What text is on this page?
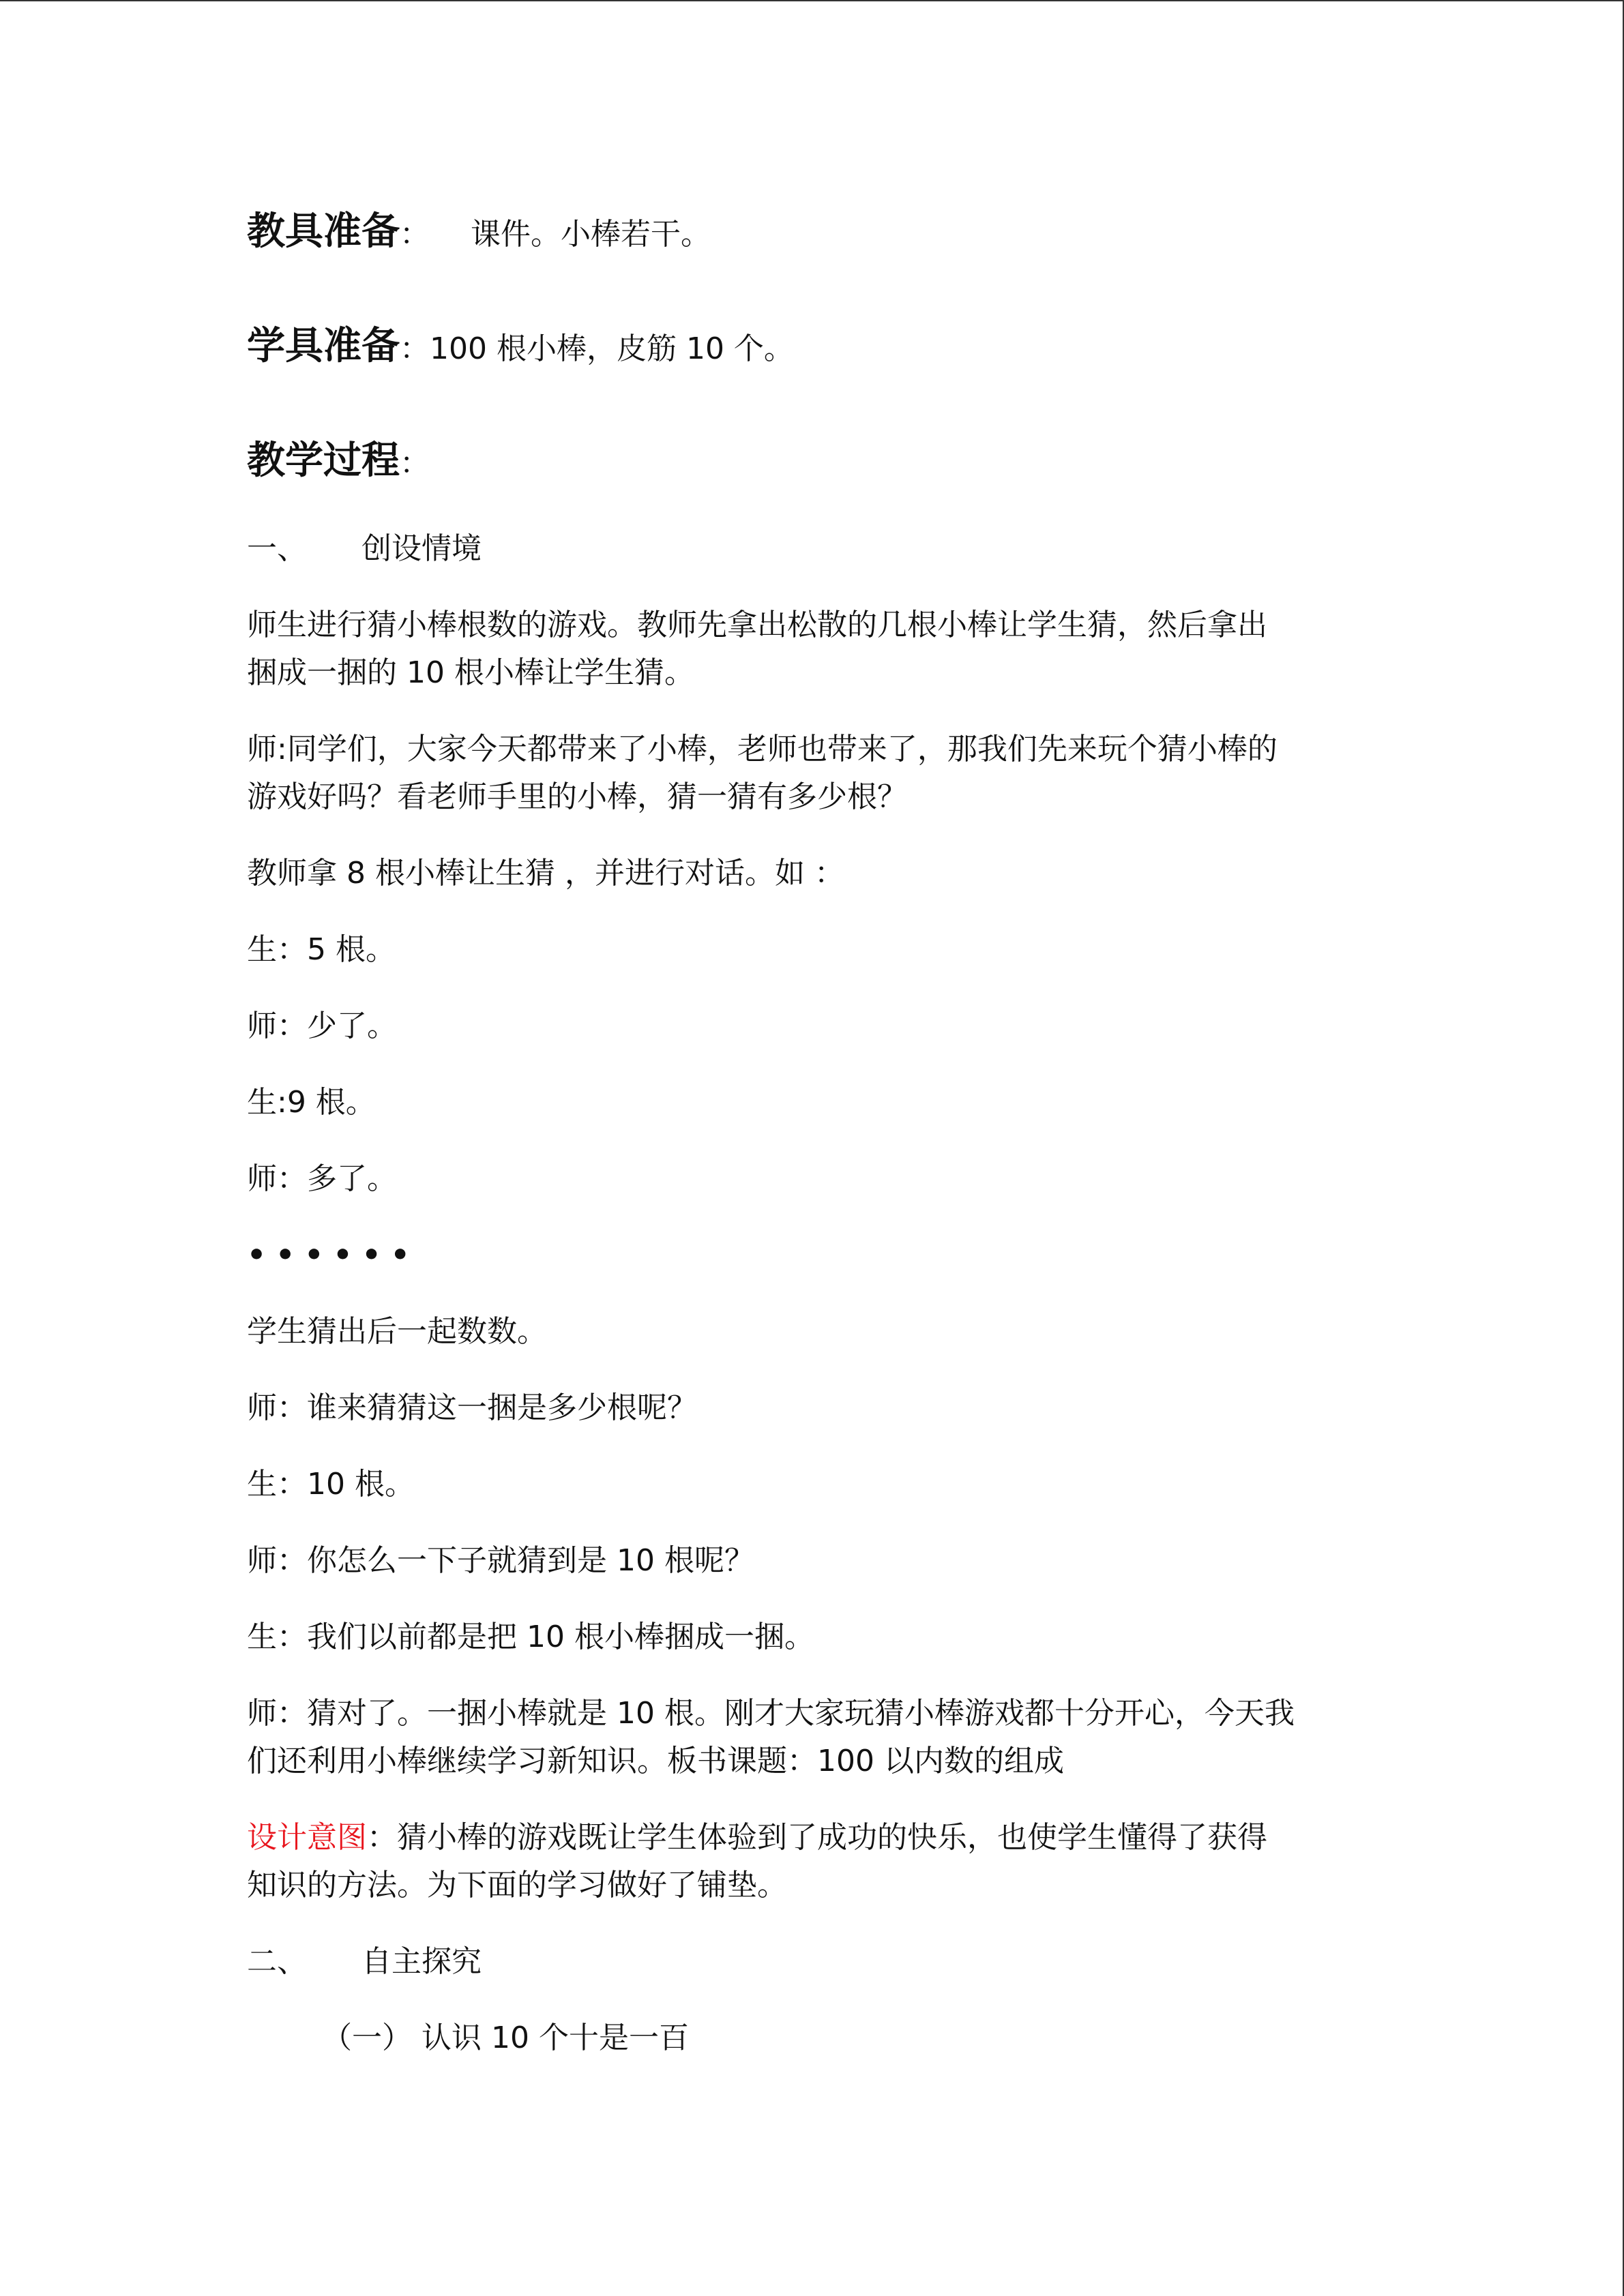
教具准备： 课件。小棒若干。
学具准备：100 根小棒，皮筋 10 个。
教学过程：

一、 创设情境

师生进行猜小棒根数的游戏。教师先拿出松散的几根小棒让学生猜，然后拿出

捆成一捆的 10 根小棒让学生猜。

师:同学们，大家今天都带来了小棒，老师也带来了，那我们先来玩个猜小棒的

游戏好吗？看老师手里的小棒，猜一猜有多少根？

教师拿 8 根小棒让生猜 ，并进行对话。如 ：

生：5 根。

师：少了。

生:9 根。

师：多了。

••••••

学生猜出后一起数数。

师：谁来猜猜这一捆是多少根呢？

生：10 根。

师：你怎么一下子就猜到是 10 根呢？

生：我们以前都是把 10 根小棒捆成一捆。

师：猜对了。一捆小棒就是 10 根。刚才大家玩猜小棒游戏都十分开心，今天我

们还利用小棒继续学习新知识。板书课题：100 以内数的组成

设计意图：猜小棒的游戏既让学生体验到了成功的快乐，也使学生懂得了获得

知识的方法。为下面的学习做好了铺垫。

二、 自主探究

（一） 认识 10 个十是一百
